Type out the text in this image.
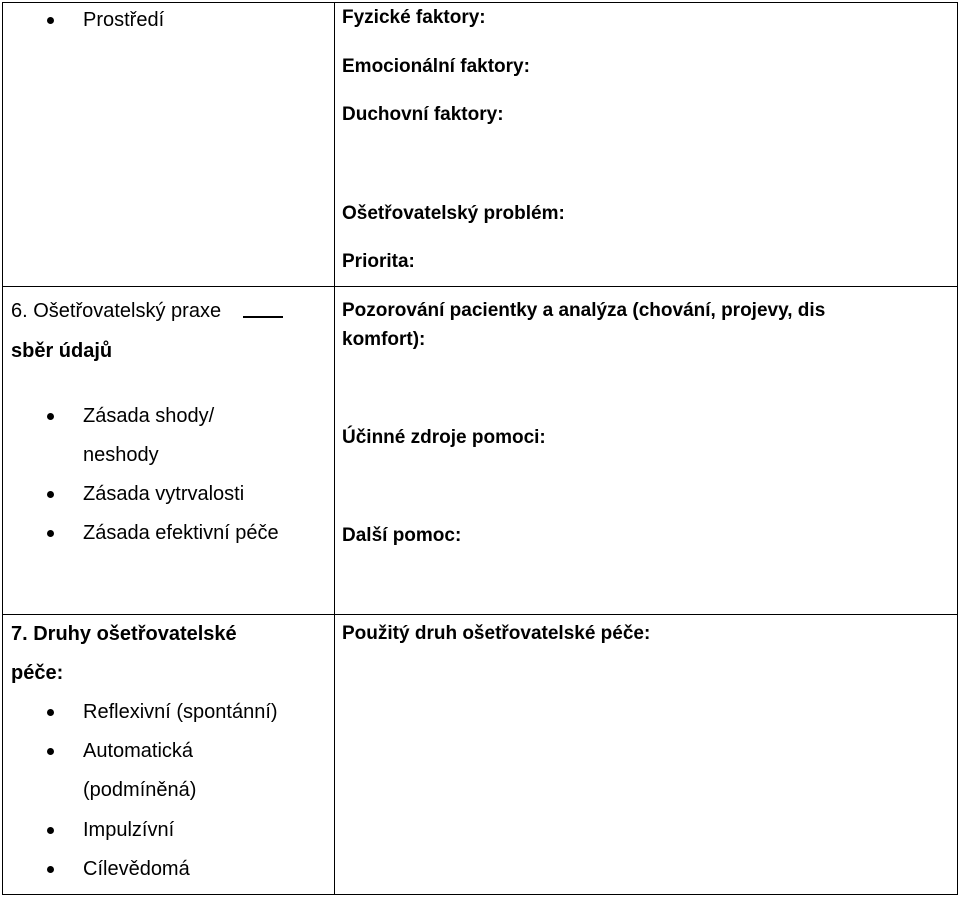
Prostředí	Fyzické faktory:
Emocionální faktory:
Duchovní faktory:
Ošetřovatelský problém:
Priorita:
6. Ošetřovatelský praxe
sběr údajů
Zásada shody/
neshody
Zásada vytrvalosti
Zásada efektivní péče
Pozorování pacientky a analýza (chování, projevy, dis
komfort):
Účinné zdroje pomoci:
Další pomoc:
7. Druhy ošetřovatelské
péče:
Reflexivní (spontánní)
Automatická
(podmíněná)
Impulzívní
Cílevědomá
Použitý druh ošetřovatelské péče:
